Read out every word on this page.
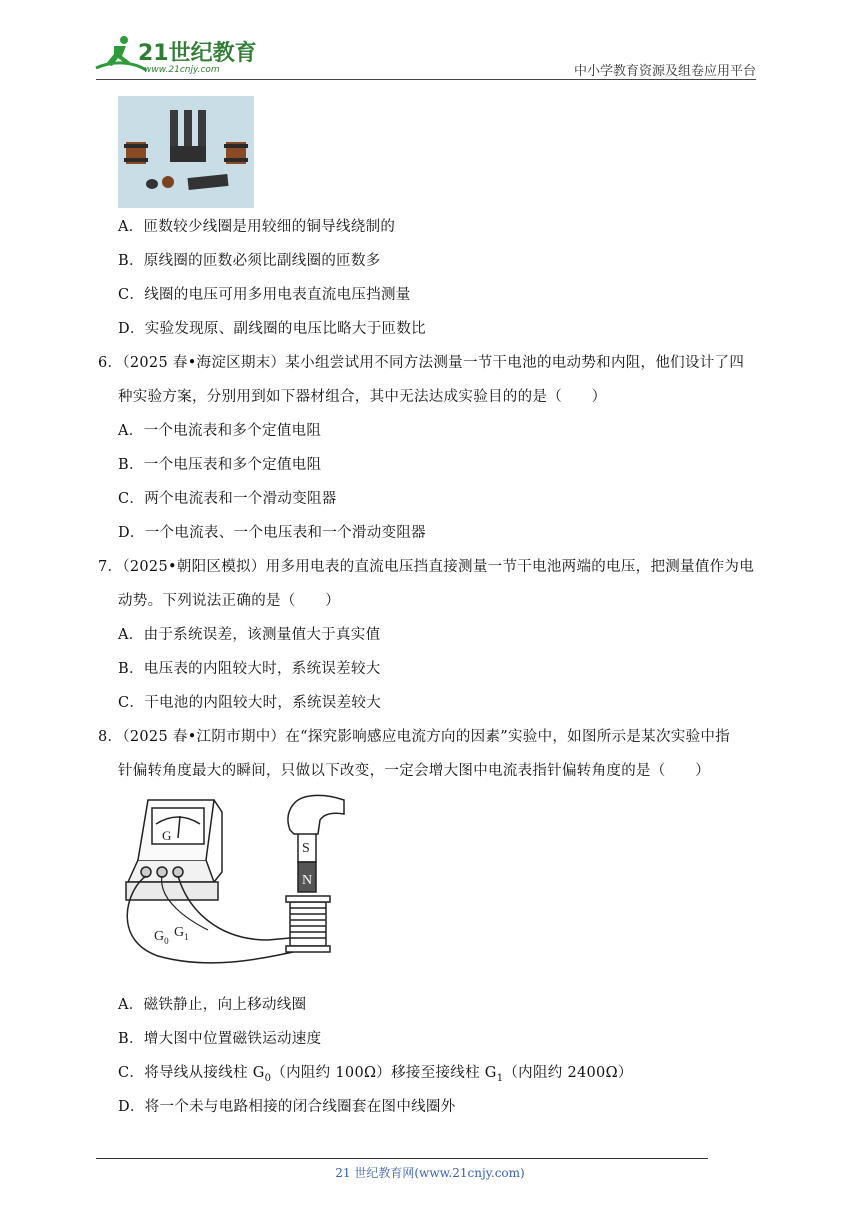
21世纪教育
www.21cnjy.com	中小学教育资源及组卷应用平台
A．匝数较少线圈是用较细的铜导线绕制的
B．原线圈的匝数必须比副线圈的匝数多
C．线圈的电压可用多用电表直流电压挡测量
D．实验发现原、副线圈的电压比略大于匝数比
6．（2025 春•海淀区期末）某小组尝试用不同方法测量一节干电池的电动势和内阻，他们设计了四
种实验方案，分别用到如下器材组合，其中无法达成实验目的的是（　　）
A．一个电流表和多个定值电阻
B．一个电压表和多个定值电阻
C．两个电流表和一个滑动变阻器
D．一个电流表、一个电压表和一个滑动变阻器
7．（2025•朝阳区模拟）用多用电表的直流电压挡直接测量一节干电池两端的电压，把测量值作为电
动势。下列说法正确的是（　　）
A．由于系统误差，该测量值大于真实值
B．电压表的内阻较大时，系统误差较大
C．干电池的内阻较大时，系统误差较大
8．（2025 春•江阴市期中）在“探究影响感应电流方向的因素”实验中，如图所示是某次实验中指
针偏转角度最大的瞬间，只做以下改变，一定会增大图中电流表指针偏转角度的是（　　）
G
$G_0$
$G_1$
S
N
A．磁铁静止，向上移动线圈
B．增大图中位置磁铁运动速度
C．将导线从接线柱 $G_0$（内阻约 100Ω）移接至接线柱 $G_1$（内阻约 2400Ω）
D．将一个未与电路相接的闭合线圈套在图中线圈外
21 世纪教育网(www.21cnjy.com)
